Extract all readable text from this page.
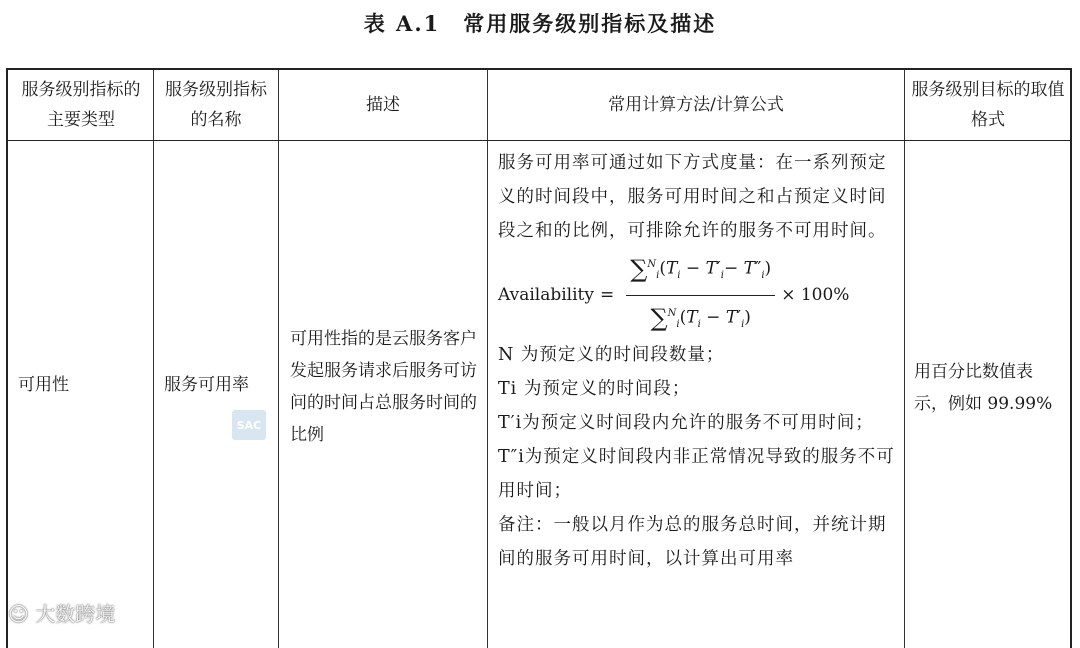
表 A.1　常用服务级别指标及描述
服务级别指标的主要类型
服务级别指标的名称
描述	常用计算方法/计算公式
服务级别目标的取值格式
可用性	服务可用率
可用性指的是云服务客户发起服务请求后服务可访问的时间占总服务时间的比例

服务可用率可通过如下方式度量：在一系列预定义的时间段中，服务可用时间之和占预定义时间段之和的比例，可排除允许的服务不可用时间。

Availability = $\frac{\sum^N_i(T_i - T'_i- T''_i)}{\sum^N_i(T_i - T'_i)} \times 100\%$

N 为预定义的时间段数量；

Ti 为预定义的时间段；

T′i为预定义时间段内允许的服务不可用时间；

T″i为预定义时间段内非正常情况导致的服务不可用时间；

备注：一般以月作为总的服务总时间，并统计期间的服务可用时间，以计算出可用率

用百分比数值表示，例如 99.99%
SAC
☺ 大数跨境
